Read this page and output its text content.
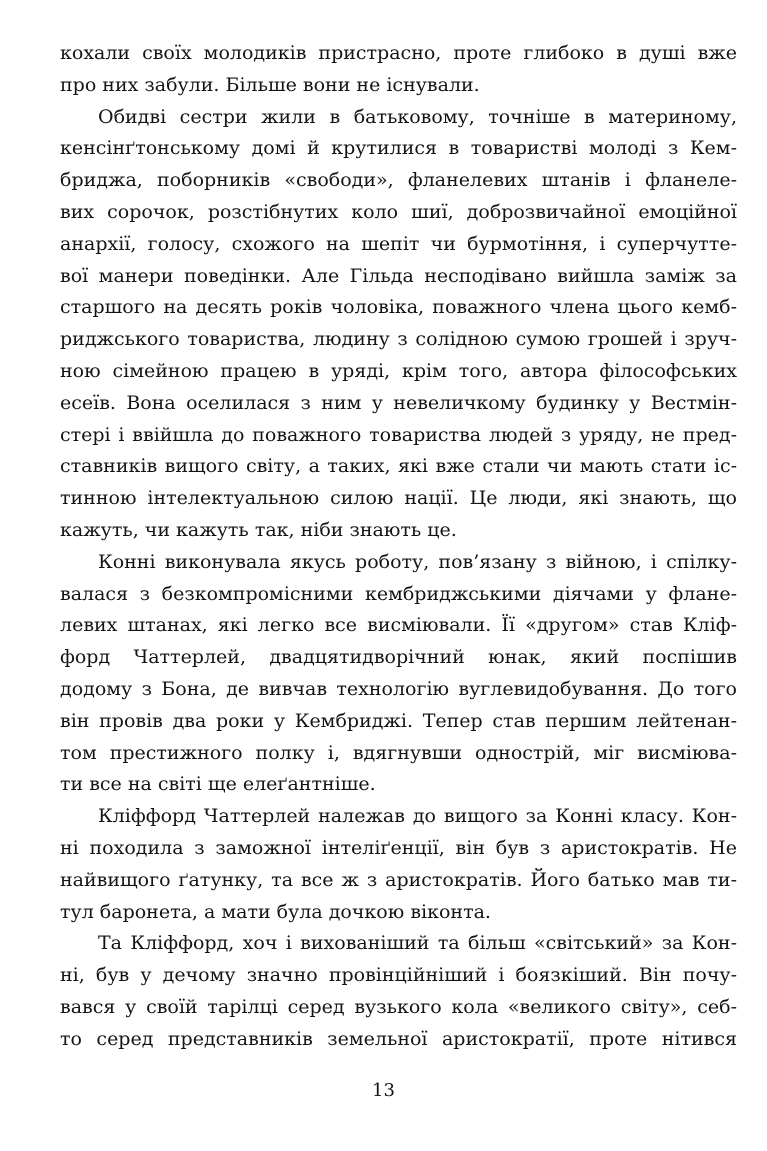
кохали своїх молодиків пристрасно, проте глибоко в душі вже
про них забули. Більше вони не існували.
Обидві сестри жили в батьковому, точніше в материному,
кенсінґтонському домі й крутилися в товаристві молоді з Кем-
бриджа, поборників «свободи», фланелевих штанів і фланеле-
вих сорочок, розстібнутих коло шиї, доброзвичайної емоційної
анархії, голосу, схожого на шепіт чи бурмотіння, і суперчутте-
вої манери поведінки. Але Гільда несподівано вийшла заміж за
старшого на десять років чоловіка, поважного члена цього кемб-
риджського товариства, людину з солідною сумою грошей і зруч-
ною сімейною працею в уряді, крім того, автора філософських
есеїв. Вона оселилася з ним у невеличкому будинку у Вестмін-
стері і ввійшла до поважного товариства людей з уряду, не пред-
ставників вищого світу, а таких, які вже стали чи мають стати іс-
тинною інтелектуальною силою нації. Це люди, які знають, що
кажуть, чи кажуть так, ніби знають це.
Конні виконувала якусь роботу, пов’язану з війною, і спілку-
валася з безкомпромісними кембриджськими діячами у флане-
левих штанах, які легко все висміювали. Її «другом» став Кліф-
форд Чаттерлей, двадцятидворічний юнак, який поспішив
додому з Бона, де вивчав технологію вуглевидобування. До того
він провів два роки у Кембриджі. Тепер став першим лейтенан-
том престижного полку і, вдягнувши однострій, міг висміюва-
ти все на світі ще елеґантніше.
Кліффорд Чаттерлей належав до вищого за Конні класу. Кон-
ні походила з заможної інтеліґенції, він був з аристократів. Не
найвищого ґатунку, та все ж з аристократів. Його батько мав ти-
тул баронета, а мати була дочкою віконта.
Та Кліффорд, хоч і вихованіший та більш «світський» за Кон-
ні, був у дечому значно провінційніший і боязкіший. Він почу-
вався у своїй тарілці серед вузького кола «великого світу», себ-
то серед представників земельної аристократії, проте нітився
13
